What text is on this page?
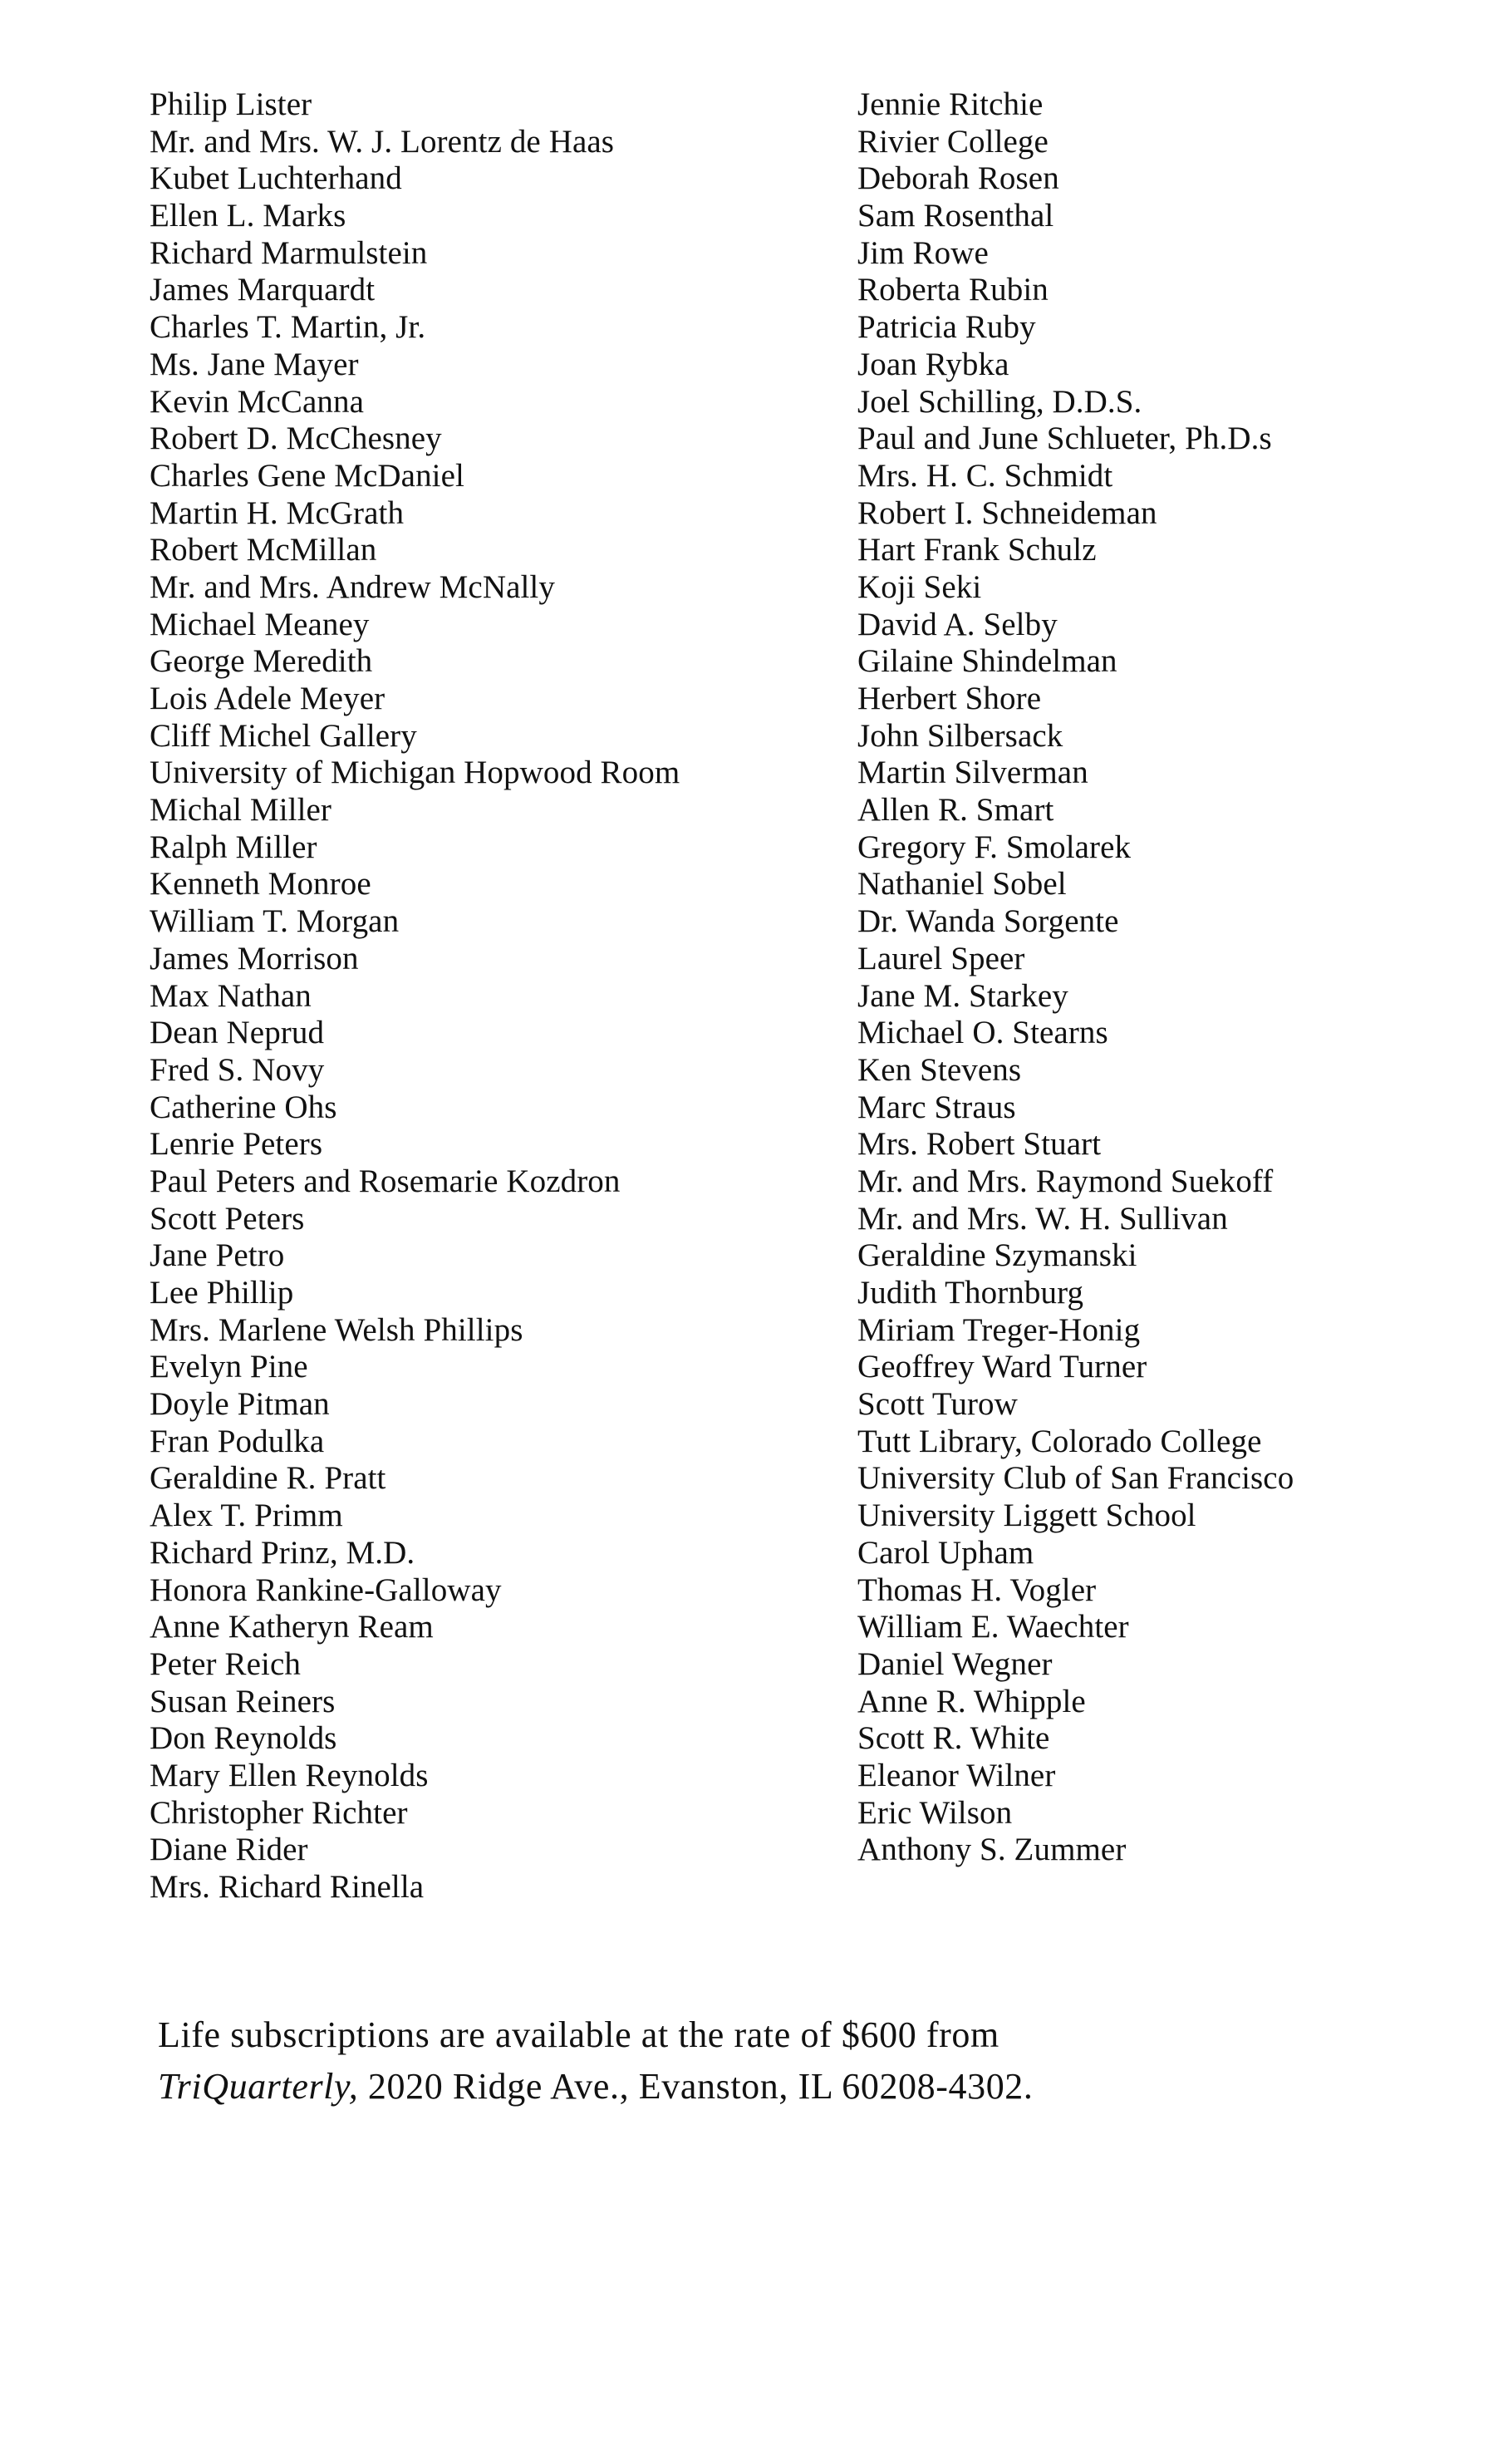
Philip Lister
Mr. and Mrs. W. J. Lorentz de Haas
Kubet Luchterhand
Ellen L. Marks
Richard Marmulstein
James Marquardt
Charles T. Martin, Jr.
Ms. Jane Mayer
Kevin McCanna
Robert D. McChesney
Charles Gene McDaniel
Martin H. McGrath
Robert McMillan
Mr. and Mrs. Andrew McNally
Michael Meaney
George Meredith
Lois Adele Meyer
Cliff Michel Gallery
University of Michigan Hopwood Room
Michal Miller
Ralph Miller
Kenneth Monroe
William T. Morgan
James Morrison
Max Nathan
Dean Neprud
Fred S. Novy
Catherine Ohs
Lenrie Peters
Paul Peters and Rosemarie Kozdron
Scott Peters
Jane Petro
Lee Phillip
Mrs. Marlene Welsh Phillips
Evelyn Pine
Doyle Pitman
Fran Podulka
Geraldine R. Pratt
Alex T. Primm
Richard Prinz, M.D.
Honora Rankine-Galloway
Anne Katheryn Ream
Peter Reich
Susan Reiners
Don Reynolds
Mary Ellen Reynolds
Christopher Richter
Diane Rider
Mrs. Richard Rinella
Jennie Ritchie
Rivier College
Deborah Rosen
Sam Rosenthal
Jim Rowe
Roberta Rubin
Patricia Ruby
Joan Rybka
Joel Schilling, D.D.S.
Paul and June Schlueter, Ph.D.s
Mrs. H. C. Schmidt
Robert I. Schneideman
Hart Frank Schulz
Koji Seki
David A. Selby
Gilaine Shindelman
Herbert Shore
John Silbersack
Martin Silverman
Allen R. Smart
Gregory F. Smolarek
Nathaniel Sobel
Dr. Wanda Sorgente
Laurel Speer
Jane M. Starkey
Michael O. Stearns
Ken Stevens
Marc Straus
Mrs. Robert Stuart
Mr. and Mrs. Raymond Suekoff
Mr. and Mrs. W. H. Sullivan
Geraldine Szymanski
Judith Thornburg
Miriam Treger-Honig
Geoffrey Ward Turner
Scott Turow
Tutt Library, Colorado College
University Club of San Francisco
University Liggett School
Carol Upham
Thomas H. Vogler
William E. Waechter
Daniel Wegner
Anne R. Whipple
Scott R. White
Eleanor Wilner
Eric Wilson
Anthony S. Zummer

Life subscriptions are available at the rate of $600 from
TriQuarterly, 2020 Ridge Ave., Evanston, IL 60208-4302.
